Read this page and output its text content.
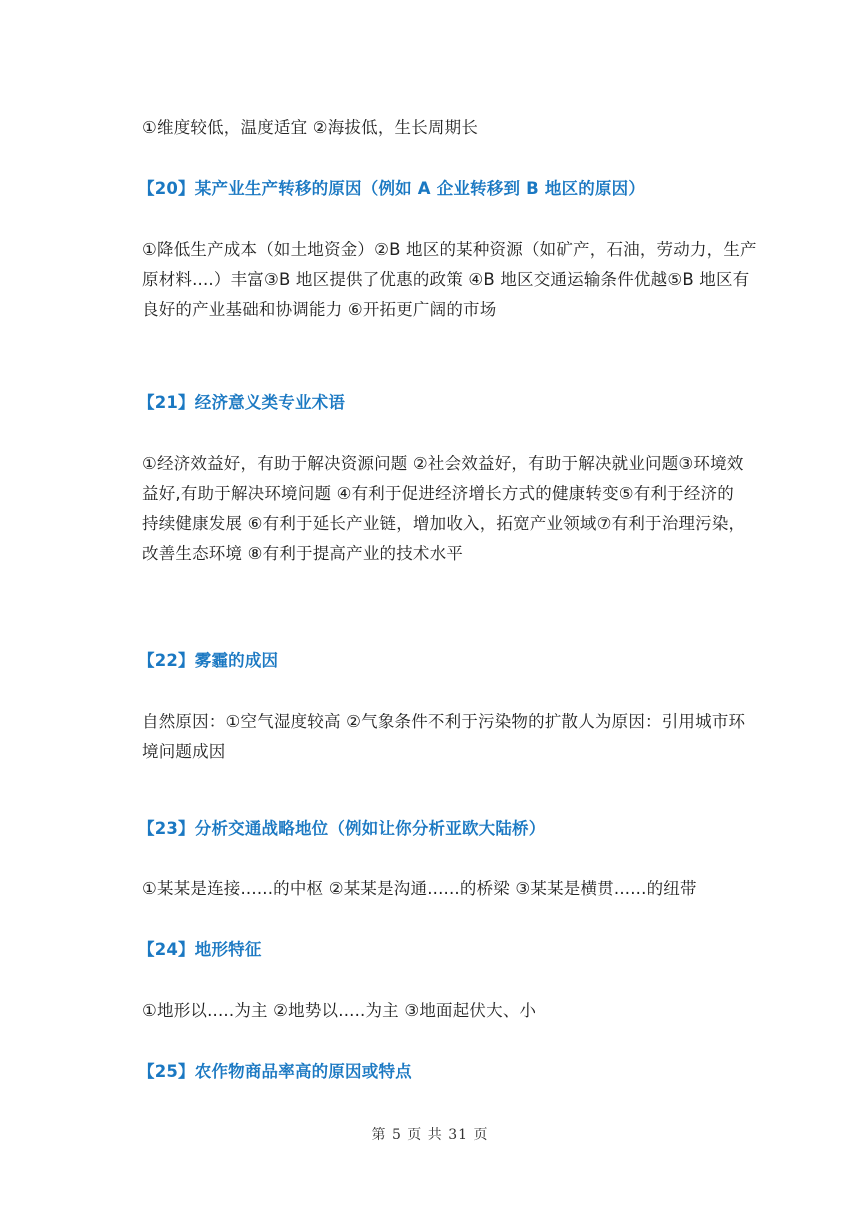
①维度较低，温度适宜 ②海拔低，生长周期长
【20】某产业生产转移的原因（例如 A 企业转移到 B 地区的原因）
①降低生产成本（如土地资金）②B 地区的某种资源（如矿产，石油，劳动力，生产
原材料....）丰富③B 地区提供了优惠的政策 ④B 地区交通运输条件优越⑤B 地区有
良好的产业基础和协调能力 ⑥开拓更广阔的市场
【21】经济意义类专业术语
①经济效益好，有助于解决资源问题 ②社会效益好，有助于解决就业问题③环境效
益好,有助于解决环境问题 ④有利于促进经济增长方式的健康转变⑤有利于经济的
持续健康发展 ⑥有利于延长产业链，增加收入，拓宽产业领域⑦有利于治理污染，
改善生态环境 ⑧有利于提高产业的技术水平
【22】雾霾的成因
自然原因：①空气湿度较高 ②气象条件不利于污染物的扩散人为原因：引用城市环
境问题成因
【23】分析交通战略地位（例如让你分析亚欧大陆桥）
①某某是连接......的中枢 ②某某是沟通......的桥梁 ③某某是横贯......的纽带
【24】地形特征
①地形以.....为主 ②地势以.....为主 ③地面起伏大、小
【25】农作物商品率高的原因或特点
第 5 页 共 31 页
